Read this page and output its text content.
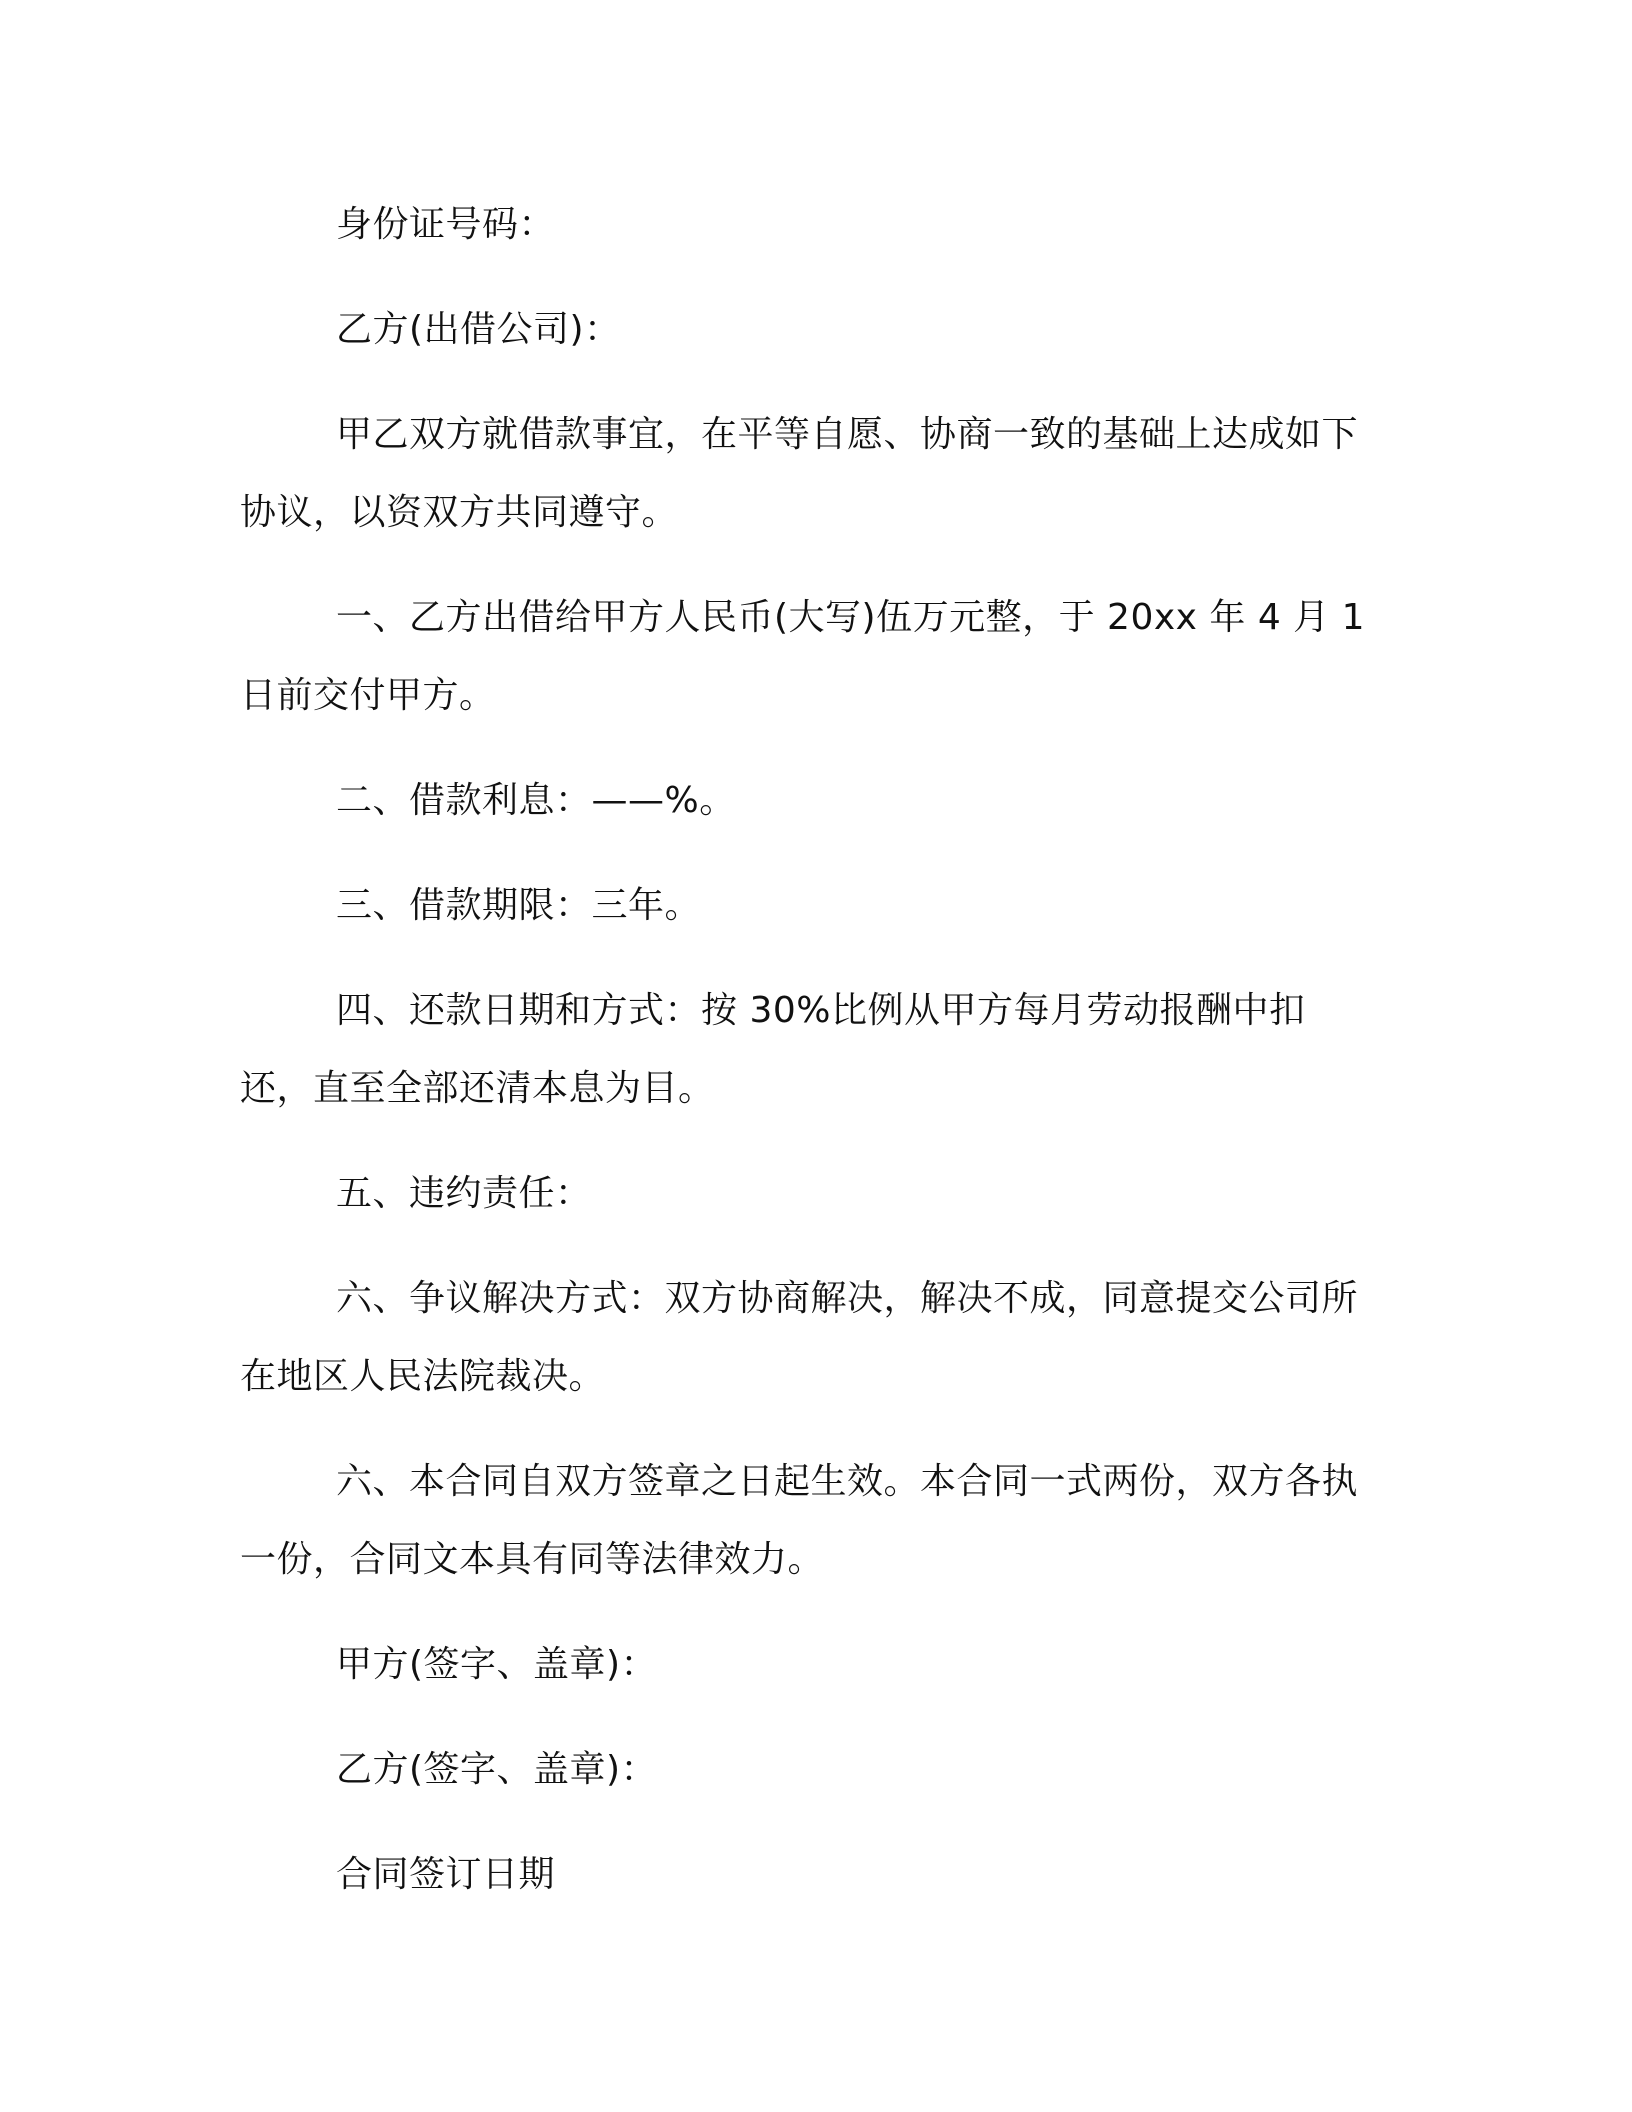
身份证号码：

乙方(出借公司)：

甲乙双方就借款事宜，在平等自愿、协商一致的基础上达成如下协议，以资双方共同遵守。

一、乙方出借给甲方人民币(大写)伍万元整，于 20xx 年 4 月 1 日前交付甲方。

二、借款利息：——%。

三、借款期限：三年。

四、还款日期和方式：按 30%比例从甲方每月劳动报酬中扣还，直至全部还清本息为目。

五、违约责任：

六、争议解决方式：双方协商解决，解决不成，同意提交公司所在地区人民法院裁决。

六、本合同自双方签章之日起生效。本合同一式两份，双方各执一份，合同文本具有同等法律效力。

甲方(签字、盖章)：

乙方(签字、盖章)：

合同签订日期
